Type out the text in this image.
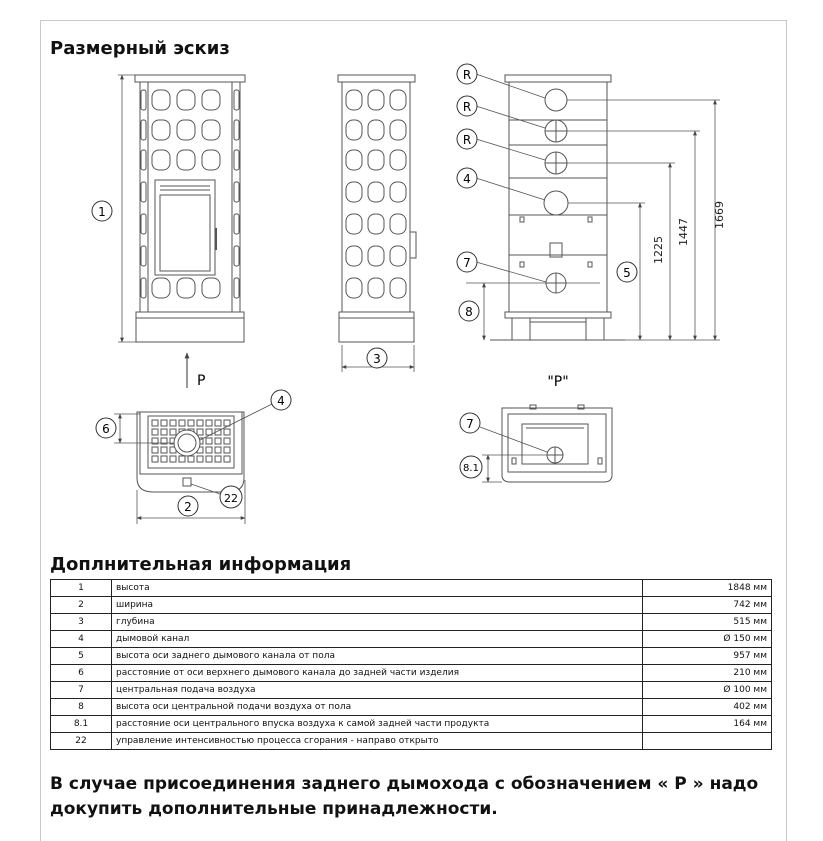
Размерный эскиз
1
P
3
1225
1447
1669
R
R
R
4
7
8
5
"P"
6
4
2
22
7
8.1
Доплнительная информация
1	высота	1848 мм
2	ширина	742 мм
3	глубина	515 мм
4	дымовой канал	Ø 150 мм
5	высота оси заднего дымового канала от пола	957 мм
6	расстояние от оси верхнего дымового канала до задней части изделия	210 мм
7	центральная подача воздуха	Ø 100 мм
8	высота оси центральной подачи воздуха от пола	402 мм
8.1	расстояние оси центрального впуска воздуха к самой задней части продукта	164 мм
22	управление интенсивностью процесса сгорания - направо открыто	

В случае присоединения заднего дымохода с обозначением « P » надо докупить дополнительные принадлежности.
